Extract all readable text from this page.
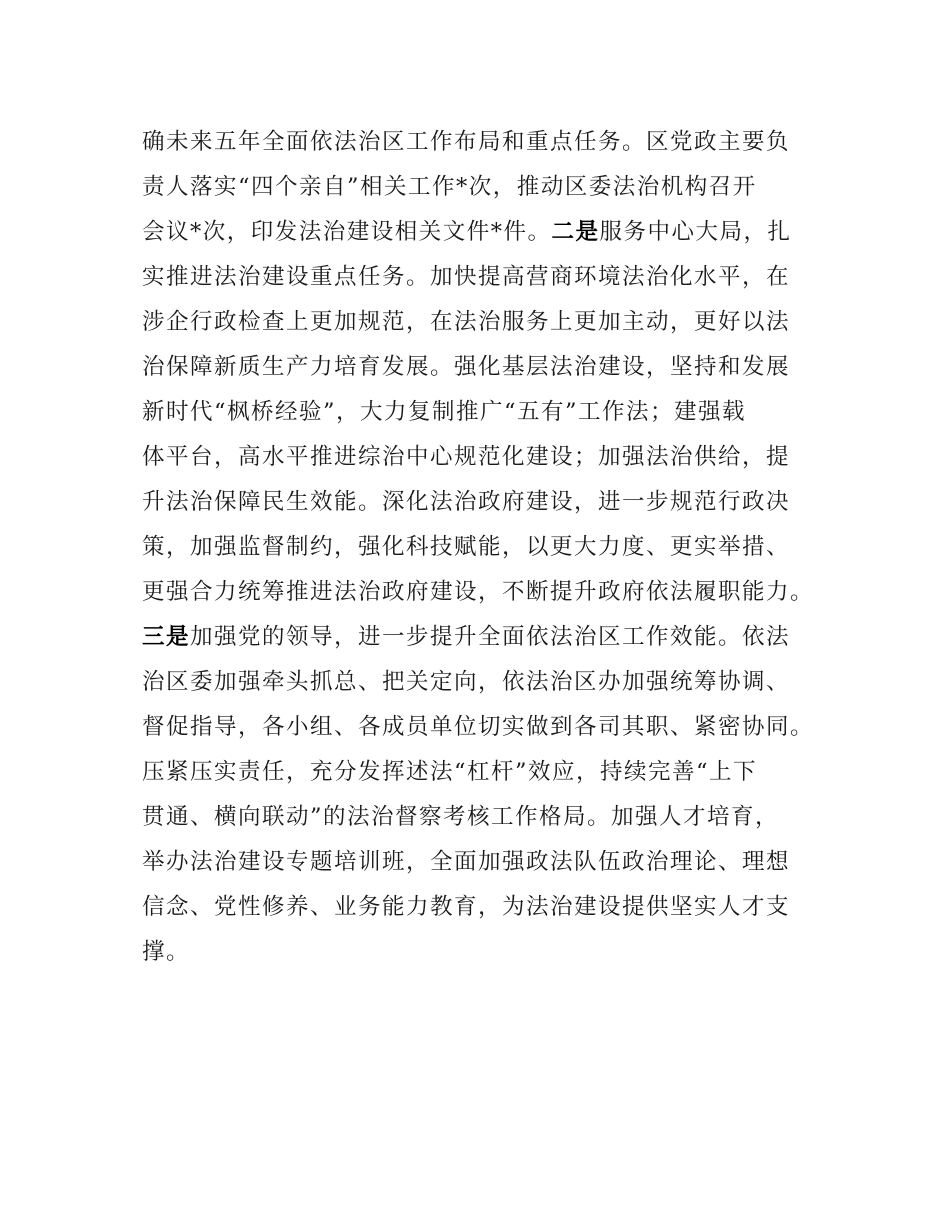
确未来五年全面依法治区工作布局和重点任务。区党政主要负
责人落实“四个亲自”相关工作*次，推动区委法治机构召开
会议*次，印发法治建设相关文件*件。二是服务中心大局，扎
实推进法治建设重点任务。加快提高营商环境法治化水平，在
涉企行政检查上更加规范，在法治服务上更加主动，更好以法
治保障新质生产力培育发展。强化基层法治建设，坚持和发展
新时代“枫桥经验”，大力复制推广“五有”工作法；建强载
体平台，高水平推进综治中心规范化建设；加强法治供给，提
升法治保障民生效能。深化法治政府建设，进一步规范行政决
策，加强监督制约，强化科技赋能，以更大力度、更实举措、
更强合力统筹推进法治政府建设，不断提升政府依法履职能力。
三是加强党的领导，进一步提升全面依法治区工作效能。依法
治区委加强牵头抓总、把关定向，依法治区办加强统筹协调、
督促指导，各小组、各成员单位切实做到各司其职、紧密协同。
压紧压实责任，充分发挥述法“杠杆”效应，持续完善“上下
贯通、横向联动”的法治督察考核工作格局。加强人才培育，
举办法治建设专题培训班，全面加强政法队伍政治理论、理想
信念、党性修养、业务能力教育，为法治建设提供坚实人才支
撑。
